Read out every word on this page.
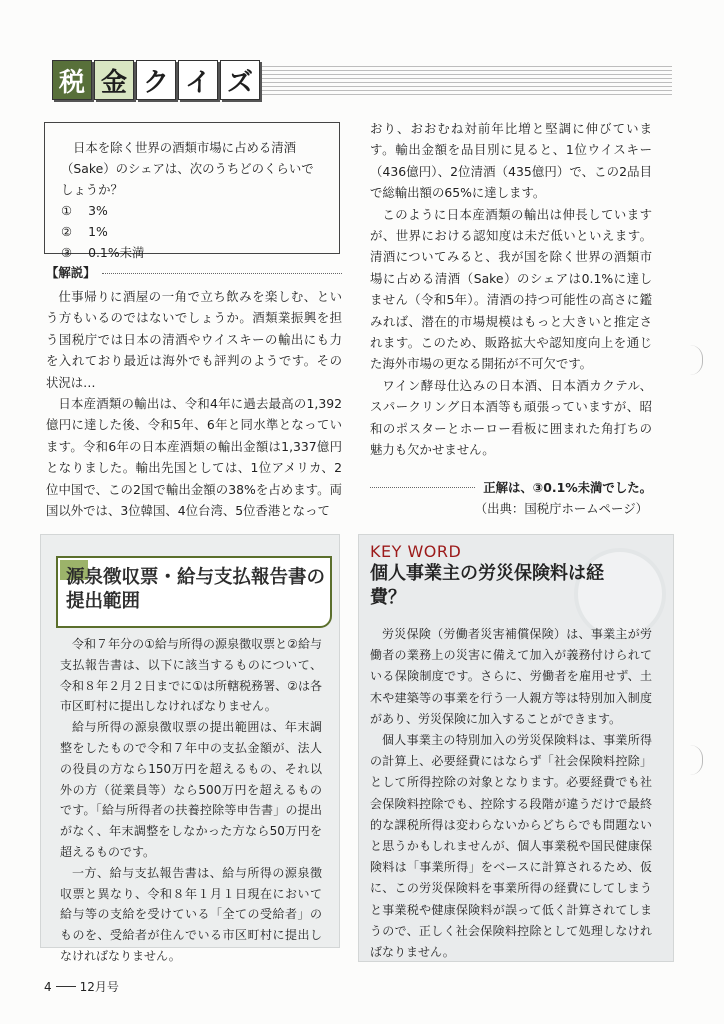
税 金 ク イ ズ

日本を除く世界の酒類市場に占める清酒（Sake）のシェアは、次のうちどのくらいでしょうか？

① 3%
② 1%
③ 0.1%未満
【解説】

仕事帰りに酒屋の一角で立ち飲みを楽しむ、という方もいるのではないでしょうか。酒類業振興を担う国税庁では日本の清酒やウイスキーの輸出にも力を入れており最近は海外でも評判のようです。その状況は…

日本産酒類の輸出は、令和4年に過去最高の1,392億円に達した後、令和5年、6年と同水準となっています。令和6年の日本産酒類の輸出金額は1,337億円となりました。輸出先国としては、1位アメリカ、2位中国で、この2国で輸出金額の38%を占めます。両国以外では、3位韓国、4位台湾、5位香港となって

おり、おおむね対前年比増と堅調に伸びています。輸出金額を品目別に見ると、1位ウイスキー（436億円）、2位清酒（435億円）で、この2品目で総輸出額の65%に達します。

このように日本産酒類の輸出は伸長していますが、世界における認知度は未だ低いといえます。清酒についてみると、我が国を除く世界の酒類市場に占める清酒（Sake）のシェアは0.1%に達しません（令和5年）。清酒の持つ可能性の高さに鑑みれば、潜在的市場規模はもっと大きいと推定されます。このため、販路拡大や認知度向上を通じた海外市場の更なる開拓が不可欠です。

ワイン酵母仕込みの日本酒、日本酒カクテル、スパークリング日本酒等も頑張っていますが、昭和のポスターとホーロー看板に囲まれた角打ちの魅力も欠かせません。

正解は、③0.1%未満でした。
（出典：国税庁ホームページ）
源泉徴収票・給与支払報告書の提出範囲

令和７年分の①給与所得の源泉徴収票と②給与支払報告書は、以下に該当するものについて、令和８年２月２日までに①は所轄税務署、②は各市区町村に提出しなければなりません。

給与所得の源泉徴収票の提出範囲は、年末調整をしたもので令和７年中の支払金額が、法人の役員の方なら150万円を超えるもの、それ以外の方（従業員等）なら500万円を超えるものです。「給与所得者の扶養控除等申告書」の提出がなく、年末調整をしなかった方なら50万円を超えるものです。

一方、給与支払報告書は、給与所得の源泉徴収票と異なり、令和８年１月１日現在において給与等の支給を受けている「全ての受給者」のものを、受給者が住んでいる市区町村に提出しなければなりません。

KEY WORD
個人事業主の労災保険料は経費？

労災保険（労働者災害補償保険）は、事業主が労働者の業務上の災害に備えて加入が義務付けられている保険制度です。さらに、労働者を雇用せず、土木や建築等の事業を行う一人親方等は特別加入制度があり、労災保険に加入することができます。

個人事業主の特別加入の労災保険料は、事業所得の計算上、必要経費にはならず「社会保険料控除」として所得控除の対象となります。必要経費でも社会保険料控除でも、控除する段階が違うだけで最終的な課税所得は変わらないからどちらでも問題ないと思うかもしれませんが、個人事業税や国民健康保険料は「事業所得」をベースに計算されるため、仮に、この労災保険料を事業所得の経費にしてしまうと事業税や健康保険料が誤って低く計算されてしまうので、正しく社会保険料控除として処理しなければなりません。

4 12月号
